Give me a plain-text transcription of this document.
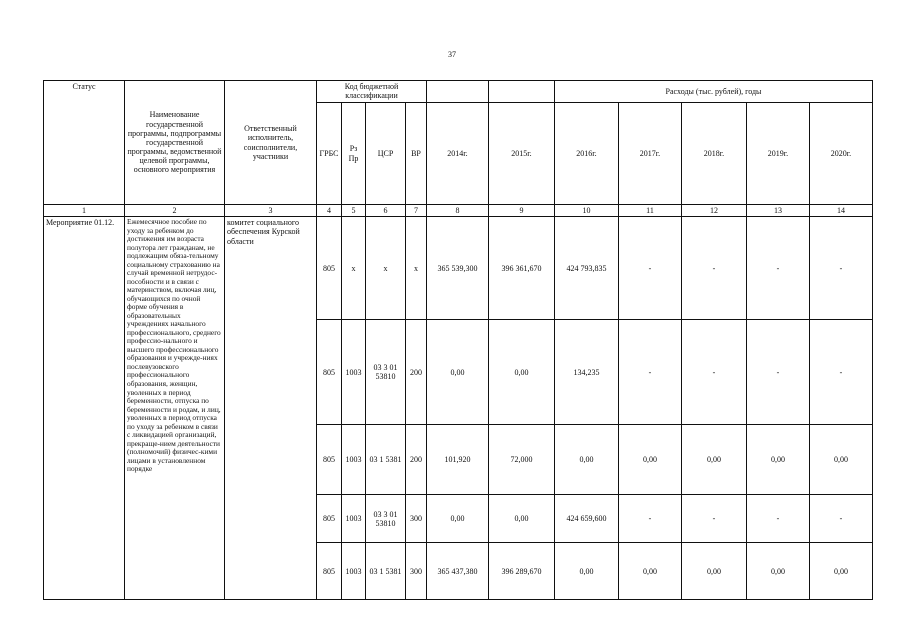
37
Статус	Наименование государственной программы, подпрограммы государственной программы, ведомственной целевой программы, основного мероприятия	Ответственный исполнитель, соисполнители, участники	Код бюджетной классификации						Расходы (тыс. рублей), годы				
			ГРБС	Рз Пр	ЦСР	ВР	2014г.	2015г.	2016г.	2017г.	2018г.	2019г.	2020г.
1	2	3	4	5	6	7	8	9	10	11	12	13	14
Мероприятие 01.12.	Ежемесячное пособие по уходу за ребенком до достижения им возраста полутора лет гражданам, не подлежащим обяза-тельному социальному страхованию на случай временной нетрудос-пособности и в связи с материнством, включая лиц, обучающихся по очной форме обучения в образовательных учреждениях начального профессионального, среднего профессио-нального и высшего профессионального образования и учрежде-ниях послевузовского профессионального образования, женщин, уволенных в период беременности, отпуска по беременности и родам, и лиц, уволенных в период отпуска по уходу за ребенком в связи с ликвидацией организаций, прекраще-нием деятельности (полномочий) физичес-кими лицами в установленном порядке	комитет социального обеспечения Курской области	805	х	х	х	365 539,300	396 361,670	424 793,835	-	-	-	-
			805	1003	03 3 01 53810	200	0,00	0,00	134,235	-	-	-	-
			805	1003	03 1 5381	200	101,920	72,000	0,00	0,00	0,00	0,00	0,00
			805	1003	03 3 01 53810	300	0,00	0,00	424 659,600	-	-	-	-
			805	1003	03 1 5381	300	365 437,380	396 289,670	0,00	0,00	0,00	0,00	0,00
